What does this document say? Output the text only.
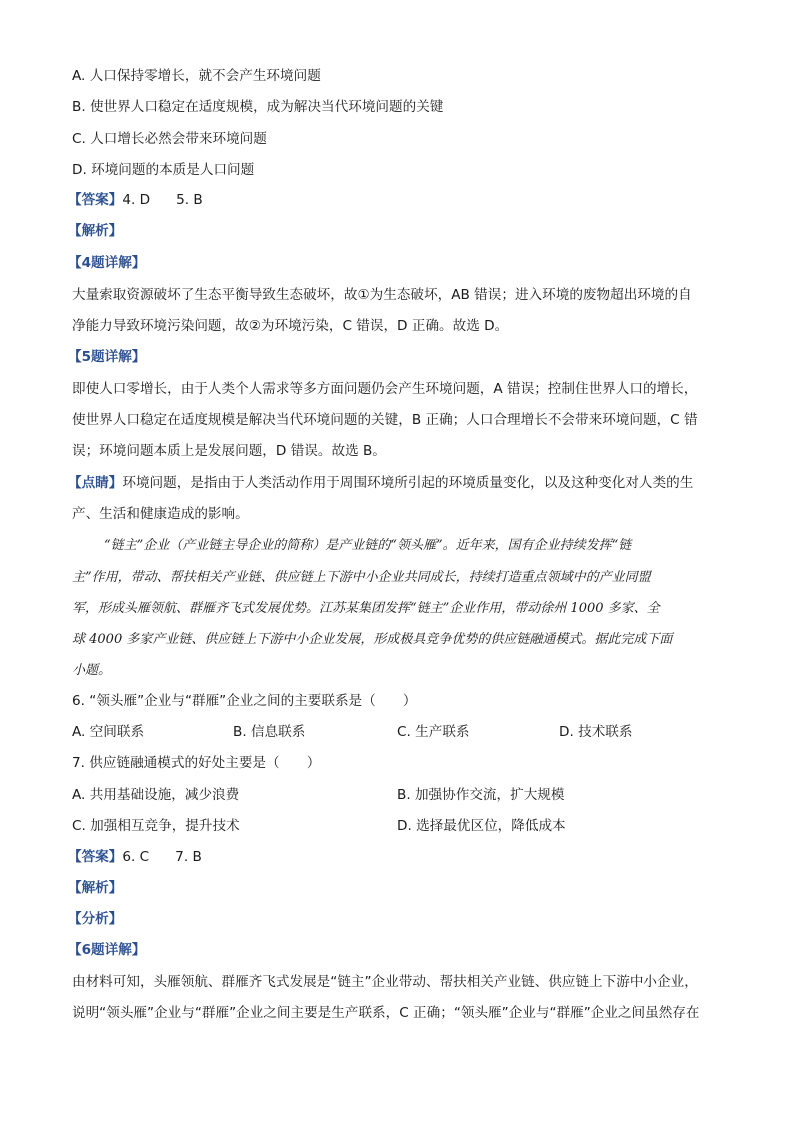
A. 人口保持零增长，就不会产生环境问题
B. 使世界人口稳定在适度规模，成为解决当代环境问题的关键
C. 人口增长必然会带来环境问题
D. 环境问题的本质是人口问题
【答案】4. D 5. B
【解析】
【4题详解】
大量索取资源破坏了生态平衡导致生态破坏，故①为生态破坏，AB 错误；进入环境的废物超出环境的自
净能力导致环境污染问题，故②为环境污染，C 错误，D 正确。故选 D。
【5题详解】
即使人口零增长，由于人类个人需求等多方面问题仍会产生环境问题，A 错误；控制住世界人口的增长，
使世界人口稳定在适度规模是解决当代环境问题的关键，B 正确；人口合理增长不会带来环境问题，C 错
误；环境问题本质上是发展问题，D 错误。故选 B。
【点睛】环境问题，是指由于人类活动作用于周围环境所引起的环境质量变化，以及这种变化对人类的生
产、生活和健康造成的影响。
“链主”企业（产业链主导企业的简称）是产业链的“领头雁”。近年来，国有企业持续发挥“链
主”作用，带动、帮扶相关产业链、供应链上下游中小企业共同成长，持续打造重点领域中的产业同盟
军，形成头雁领航、群雁齐飞式发展优势。江苏某集团发挥“链主”企业作用，带动徐州 1000 多家、全
球 4000 多家产业链、供应链上下游中小企业发展，形成极具竞争优势的供应链融通模式。据此完成下面
小题。
6. “领头雁”企业与“群雁”企业之间的主要联系是（　　）
A. 空间联系	B. 信息联系	C. 生产联系	D. 技术联系
7. 供应链融通模式的好处主要是（　　）
A. 共用基础设施，减少浪费	B. 加强协作交流，扩大规模
C. 加强相互竞争，提升技术	D. 选择最优区位，降低成本
【答案】6. C 7. B
【解析】
【分析】
【6题详解】
由材料可知，头雁领航、群雁齐飞式发展是“链主”企业带动、帮扶相关产业链、供应链上下游中小企业，
说明“领头雁”企业与“群雁”企业之间主要是生产联系，C 正确；“领头雁”企业与“群雁”企业之间虽然存在
